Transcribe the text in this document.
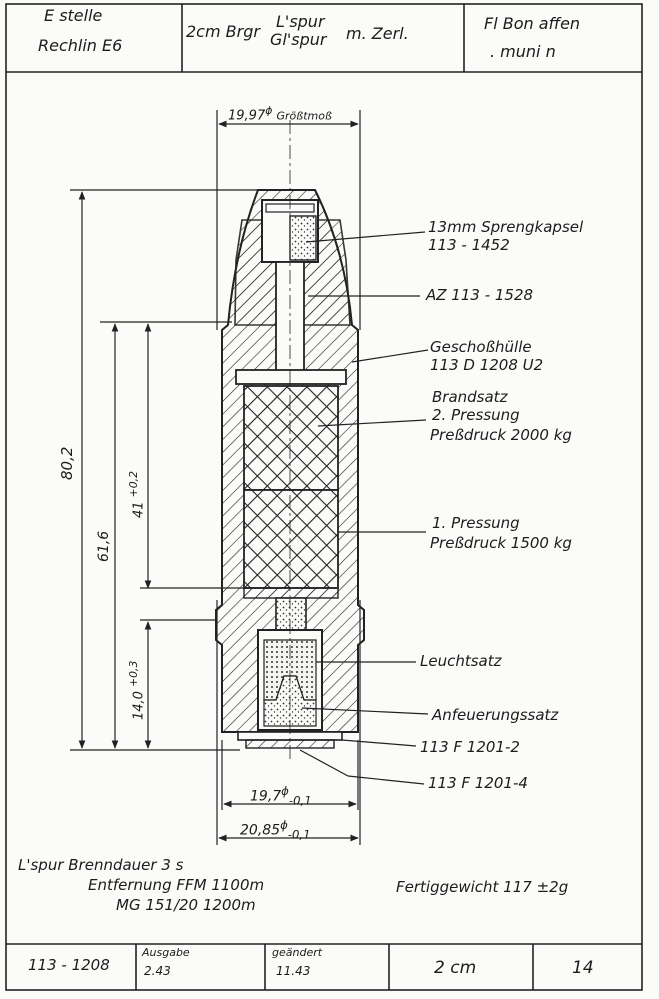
E stelle
Rechlin E6
2cm Brgr
L'spur
Gl'spur m. Zerl.
Fl Bon affen
. muni n
$19,97^\phi$ Größtmoß
80,2
61,6
41 $^{+0,2}$
14,0 $^{+0,3}$
$19,7^\phi_{-0,1}$
$20,85^\phi_{-0,1}$
13mm Sprengkapsel
113 - 1452
AZ 113 - 1528
Geschoßhülle
113 D 1208 U2
Brandsatz
2. Pressung
Preßdruck 2000 kg
1. Pressung
Preßdruck 1500 kg
Leuchtsatz
Anfeuerungssatz
113 F 1201-2
113 F 1201-4
L'spur Brenndauer 3 s
Entfernung FFM 1100m
MG 151/20 1200m
Fertiggewicht 117 ±2g
113 - 1208
Ausgabe
2.43
geändert
11.43	2 cm	14
